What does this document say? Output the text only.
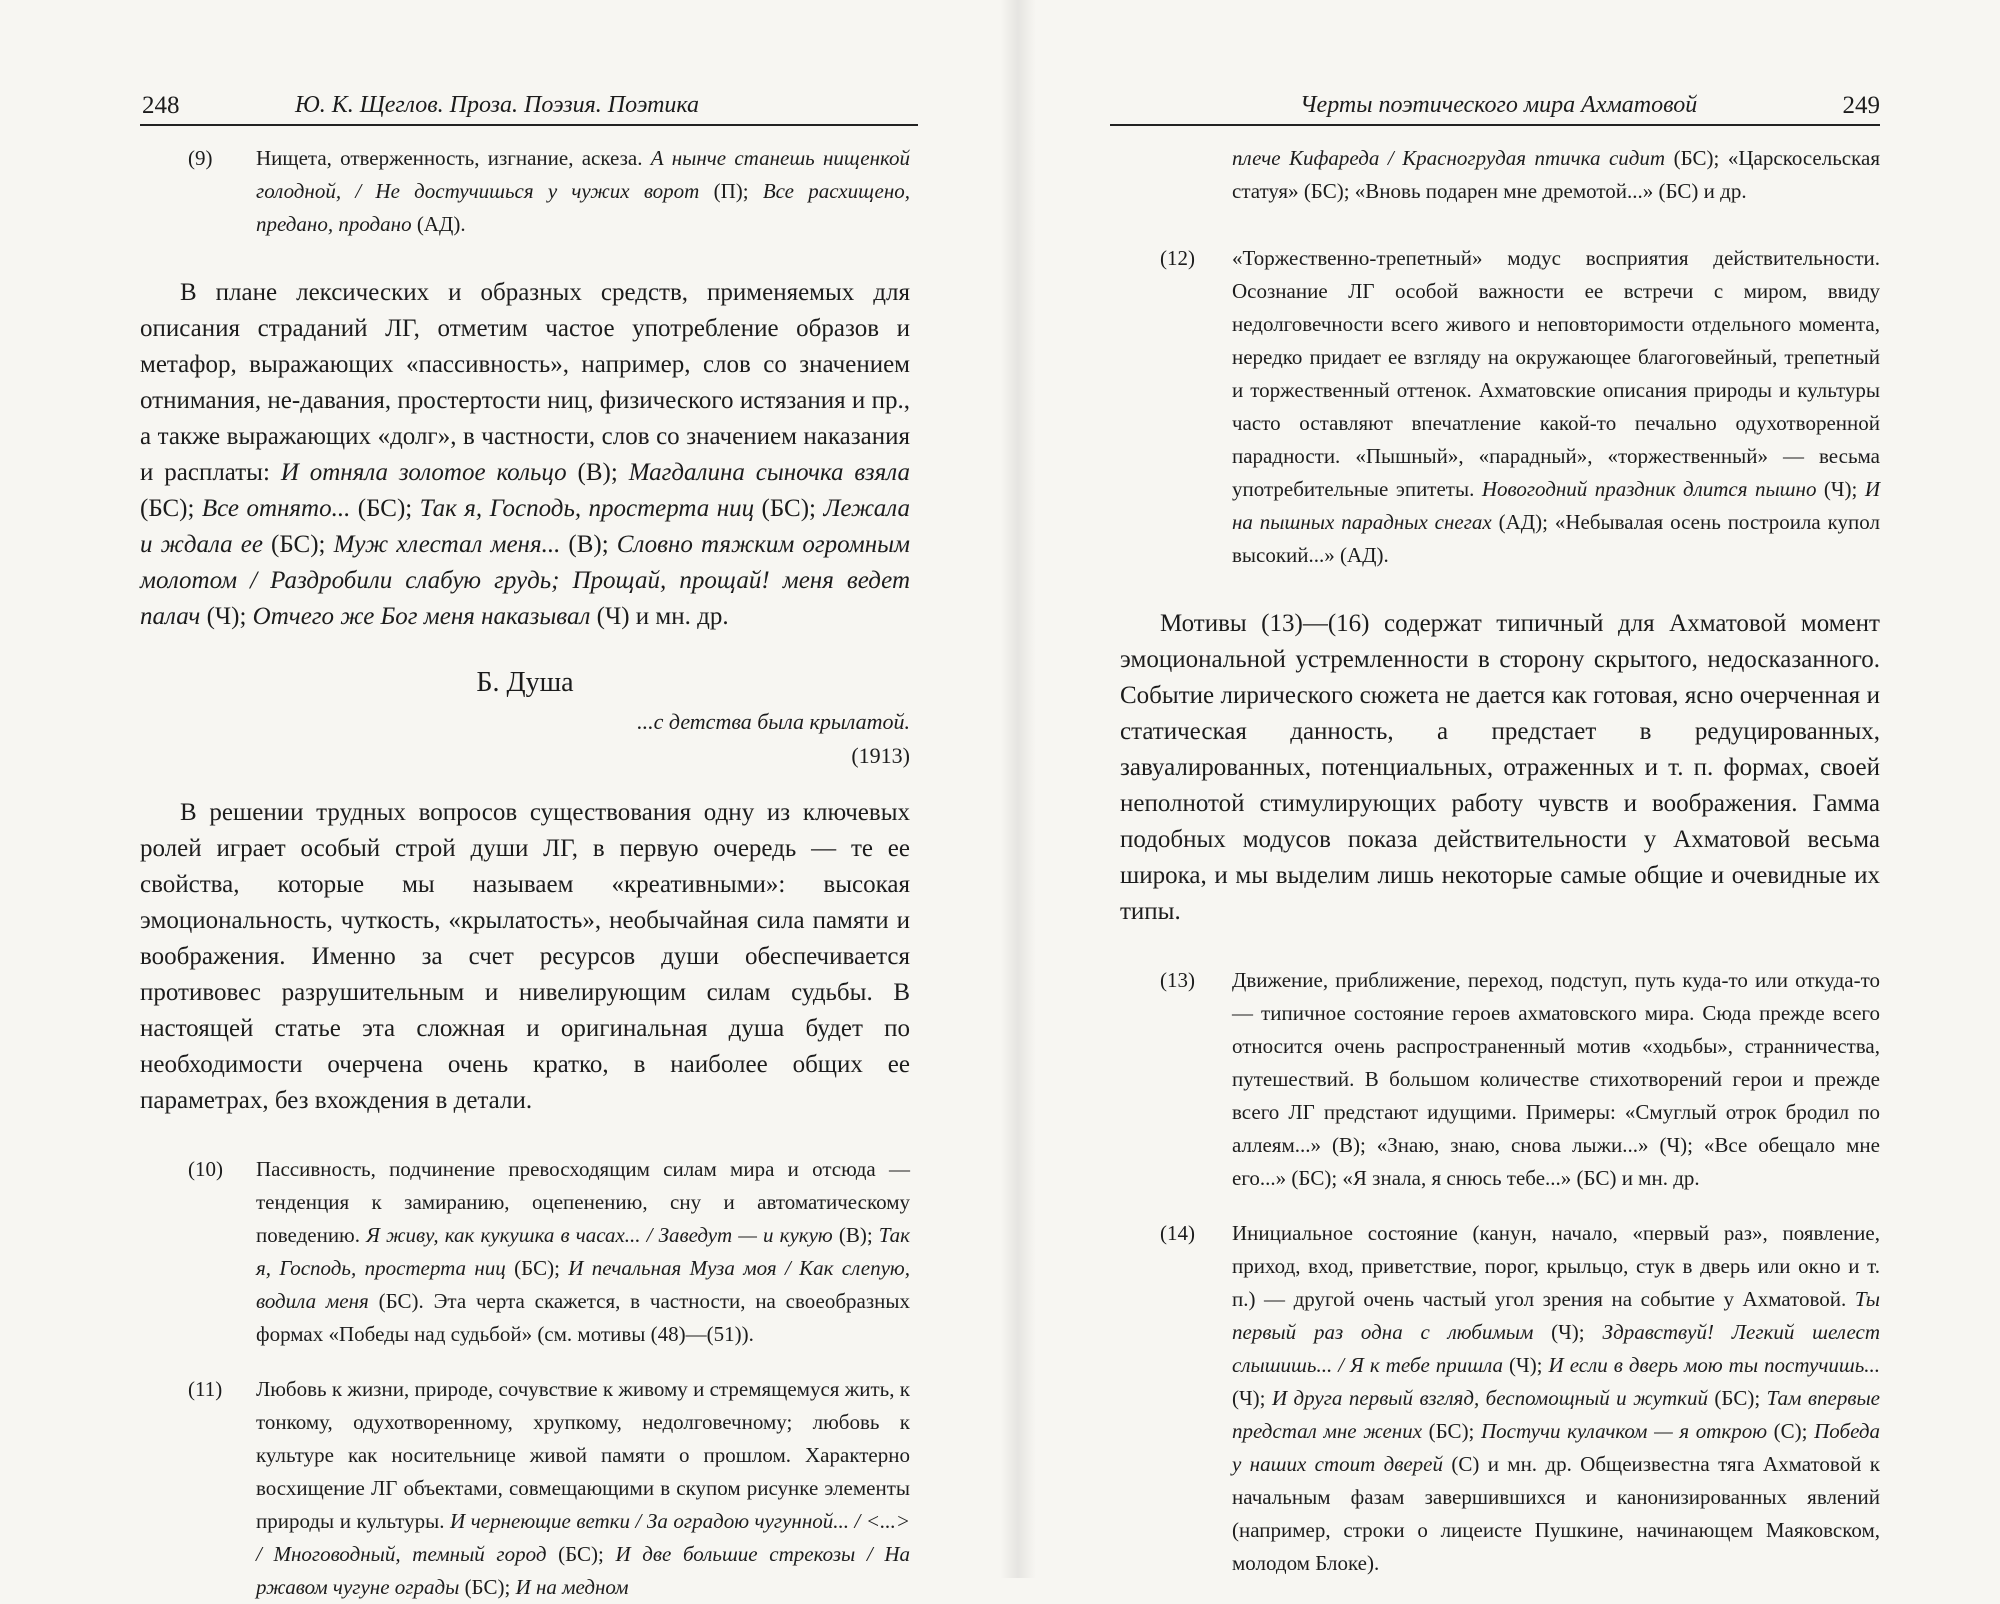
248	Ю. К. Щеглов. Проза. Поэзия. Поэтика
(9)	Нищета, отверженность, изгнание, аскеза. А нынче станешь нищенкой голодной, / Не достучишься у чужих ворот (П); Все расхищено, предано, продано (АД).
В плане лексических и образных средств, применяемых для описания страданий ЛГ, отметим частое употребление образов и метафор, выражающих «пассивность», например, слов со значением отнимания, не-давания, простертости ниц, физического истязания и пр., а также выражающих «долг», в частности, слов со значением наказания и расплаты: И отняла золотое кольцо (В); Магдалина сыночка взяла (БС); Все отнято... (БС); Так я, Господь, простерта ниц (БС); Лежала и ждала ее (БС); Муж хлестал меня... (В); Словно тяжким огромным молотом / Раздробили слабую грудь; Прощай, прощай! меня ведет палач (Ч); Отчего же Бог меня наказывал (Ч) и мн. др.
Б. Душа
...с детства была крылатой.
(1913)
В решении трудных вопросов существования одну из ключевых ролей играет особый строй души ЛГ, в первую очередь — те ее свойства, которые мы называем «креативными»: высокая эмоциональность, чуткость, «крылатость», необычайная сила памяти и воображения. Именно за счет ресурсов души обеспечивается противовес разрушительным и нивелирующим силам судьбы. В настоящей статье эта сложная и оригинальная душа будет по необходимости очерчена очень кратко, в наиболее общих ее параметрах, без вхождения в детали.
(10)	Пассивность, подчинение превосходящим силам мира и отсюда — тенденция к замиранию, оцепенению, сну и автоматическому поведению. Я живу, как кукушка в часах... / Заведут — и кукую (В); Так я, Господь, простерта ниц (БС); И печальная Муза моя / Как слепую, водила меня (БС). Эта черта скажется, в частности, на своеобразных формах «Победы над судьбой» (см. мотивы (48)—(51)).
(11)	Любовь к жизни, природе, сочувствие к живому и стремящемуся жить, к тонкому, одухотворенному, хрупкому, недолговечному; любовь к культуре как носительнице живой памяти о прошлом. Характерно восхищение ЛГ объектами, совмещающими в скупом рисунке элементы природы и культуры. И чернеющие ветки / За оградою чугунной... / <...> / Многоводный, темный город (БС); И две большие стрекозы / На ржавом чугуне ограды (БС); И на медном
Черты поэтического мира Ахматовой	249
плече Кифареда / Красногрудая птичка сидит (БС); «Царскосельская статуя» (БС); «Вновь подарен мне дремотой...» (БС) и др.
(12)	«Торжественно-трепетный» модус восприятия действительности. Осознание ЛГ особой важности ее встречи с миром, ввиду недолговечности всего живого и неповторимости отдельного момента, нередко придает ее взгляду на окружающее благоговейный, трепетный и торжественный оттенок. Ахматовские описания природы и культуры часто оставляют впечатление какой-то печально одухотворенной парадности. «Пышный», «парадный», «торжественный» — весьма употребительные эпитеты. Новогодний праздник длится пышно (Ч); И на пышных парадных снегах (АД); «Небывалая осень построила купол высокий...» (АД).
Мотивы (13)—(16) содержат типичный для Ахматовой момент эмоциональной устремленности в сторону скрытого, недосказанного. Событие лирического сюжета не дается как готовая, ясно очерченная и статическая данность, а предстает в редуцированных, завуалированных, потенциальных, отраженных и т. п. формах, своей неполнотой стимулирующих работу чувств и воображения. Гамма подобных модусов показа действительности у Ахматовой весьма широка, и мы выделим лишь некоторые самые общие и очевидные их типы.
(13)	Движение, приближение, переход, подступ, путь куда-то или откуда-то — типичное состояние героев ахматовского мира. Сюда прежде всего относится очень распространенный мотив «ходьбы», странничества, путешествий. В большом количестве стихотворений герои и прежде всего ЛГ предстают идущими. Примеры: «Смуглый отрок бродил по аллеям...» (В); «Знаю, знаю, снова лыжи...» (Ч); «Все обещало мне его...» (БС); «Я знала, я снюсь тебе...» (БС) и мн. др.
(14)	Инициальное состояние (канун, начало, «первый раз», появление, приход, вход, приветствие, порог, крыльцо, стук в дверь или окно и т. п.) — другой очень частый угол зрения на событие у Ахматовой. Ты первый раз одна с любимым (Ч); Здравствуй! Легкий шелест слышишь... / Я к тебе пришла (Ч); И если в дверь мою ты постучишь... (Ч); И друга первый взгляд, беспомощный и жуткий (БС); Там впервые предстал мне жених (БС); Постучи кулачком — я открою (С); Победа у наших стоит дверей (С) и мн. др. Общеизвестна тяга Ахматовой к начальным фазам завершившихся и канонизированных явлений (например, строки о лицеисте Пушкине, начинающем Маяковском, молодом Блоке).
